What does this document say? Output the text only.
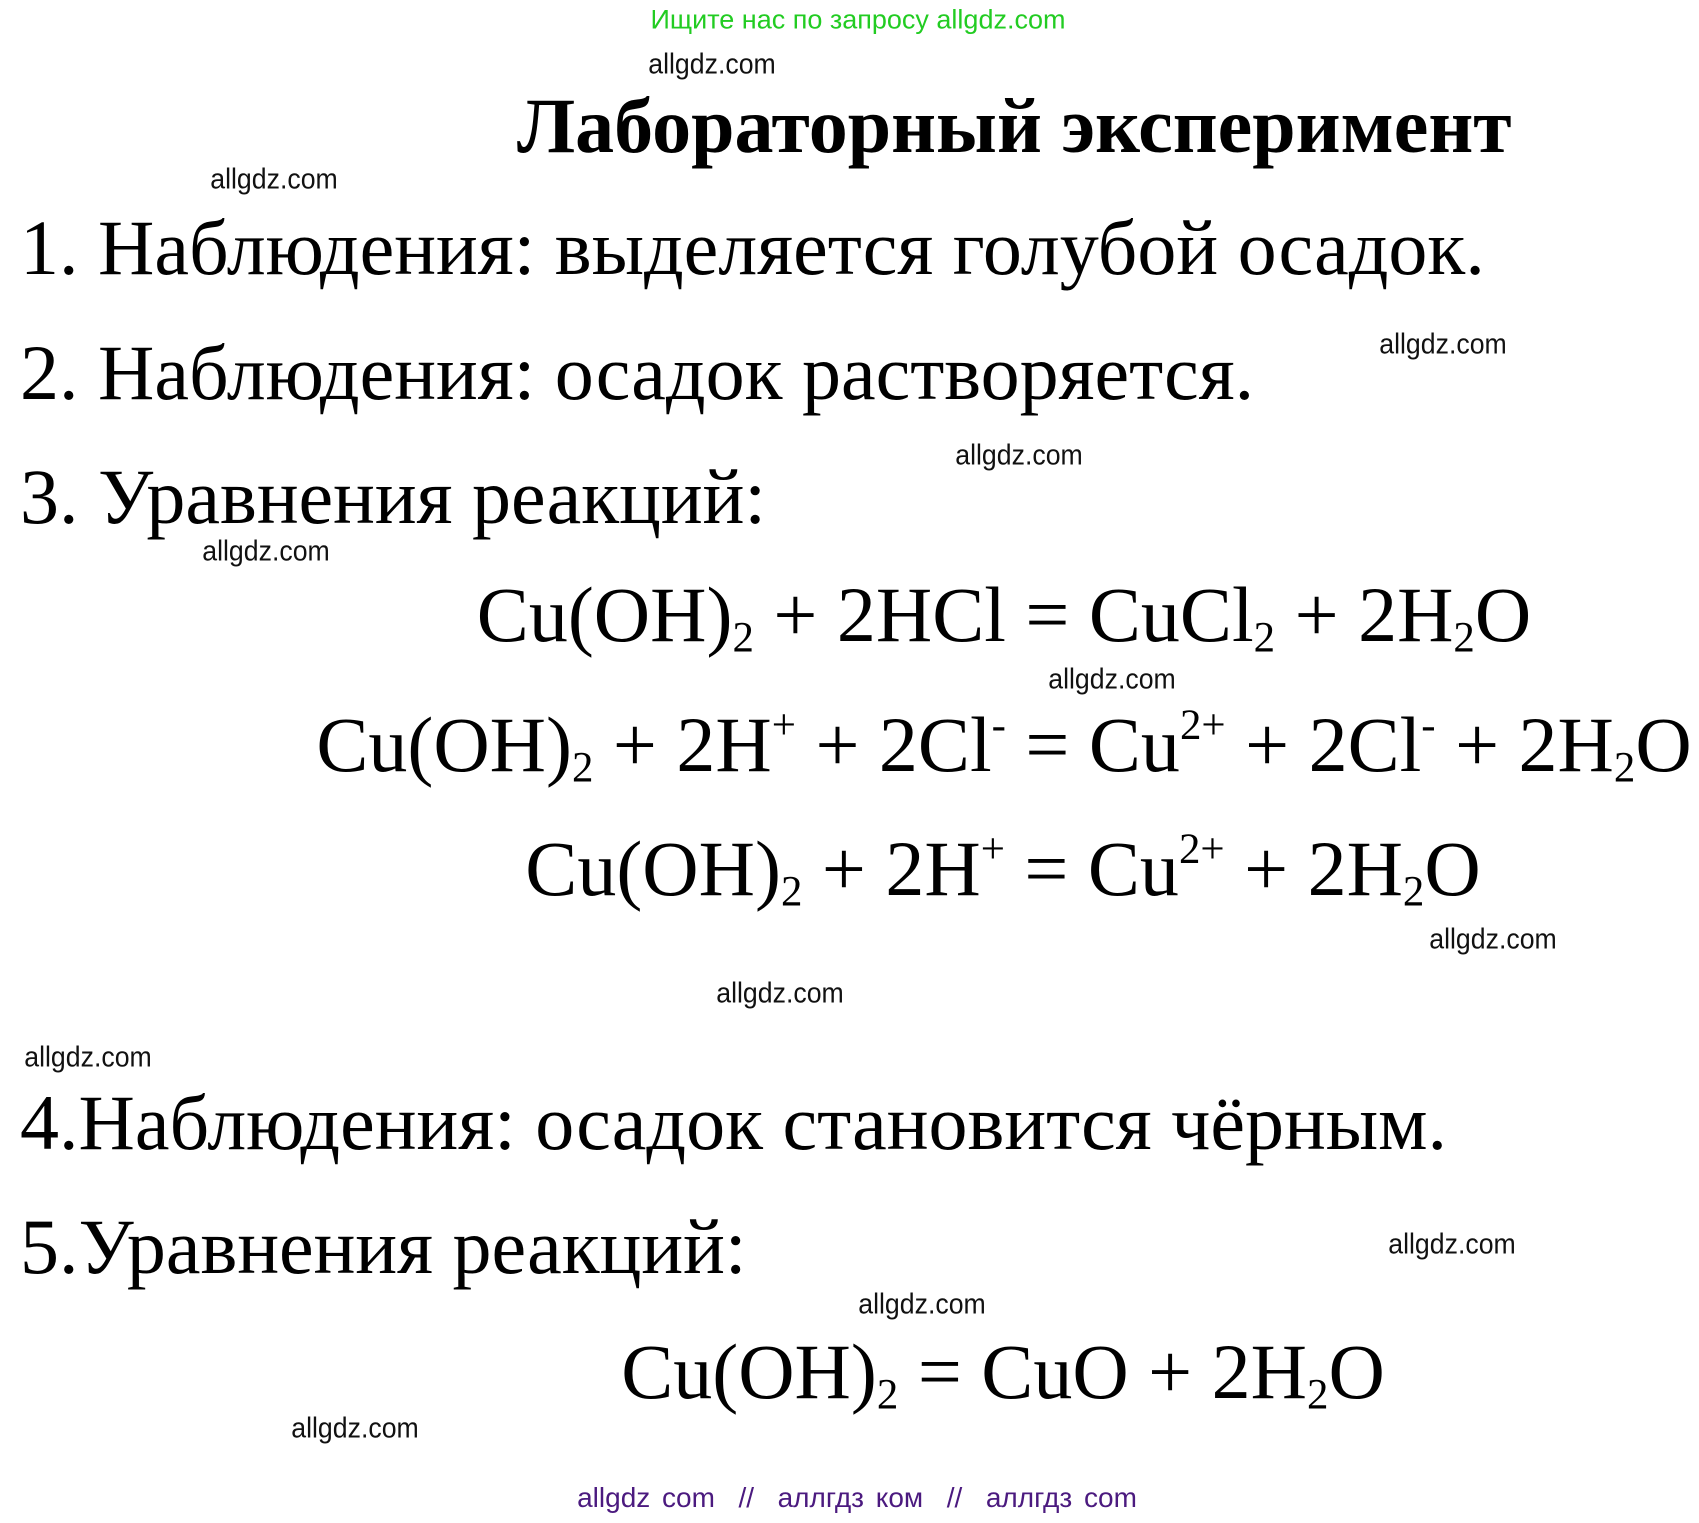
Ищите нас по запросу allgdz.com
Лабораторный эксперимент
1. Наблюдения: выделяется голубой осадок.
2. Наблюдения: осадок растворяется.
3. Уравнения реакций:
4.Наблюдения: осадок становится чёрным.
5.Уравнения реакций:
$Cu(OH)_2 + 2HCl$ = CuCl$_2$ + $2H_2O$
$Cu(OH)_2 + 2H^+ + 2Cl^- = Cu^{2+} + 2Cl^- + 2H_2O$
$Cu(OH)_2 + 2H^+ = Cu^{2+} + 2H_2O$
$Cu(OH)_2$ = CuO + $2H_2O$
allgdz.com
allgdz.com
allgdz.com
allgdz.com
allgdz.com
allgdz.com
allgdz.com
allgdz.com
allgdz.com
allgdz.com
allgdz.com
allgdz.com
allgdz com  //  аллгдз ком  //  аллгдз com
